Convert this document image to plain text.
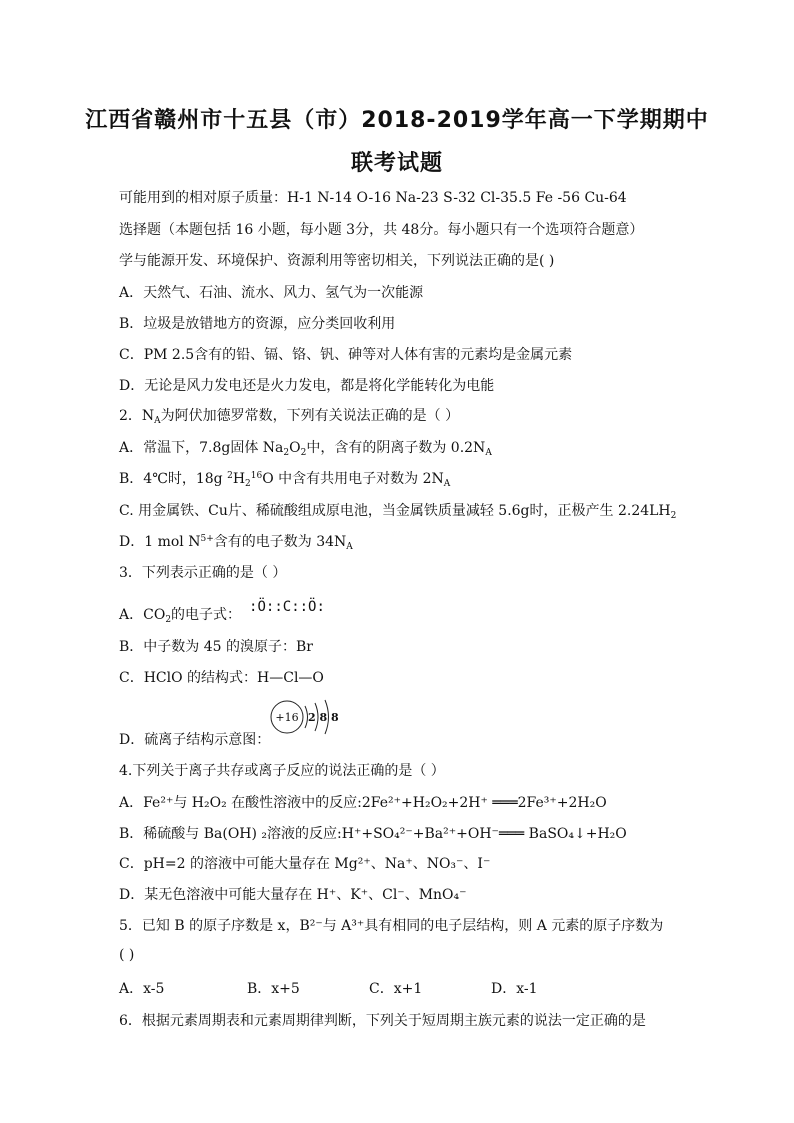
江西省赣州市十五县（市）2018-2019学年高一下学期期中
联考试题
可能用到的相对原子质量：H-1 N-14 O-16 Na-23 S-32 Cl-35.5 Fe -56 Cu-64
选择题（本题包括 16 小题，每小题 3分，共 48分。每小题只有一个选项符合题意）
学与能源开发、环境保护、资源利用等密切相关，下列说法正确的是( )
A．天然气、石油、流水、风力、氢气为一次能源
B．垃圾是放错地方的资源，应分类回收利用
C．PM 2.5含有的铅、镉、铬、钒、砷等对人体有害的元素均是金属元素
D．无论是风力发电还是火力发电，都是将化学能转化为电能
2．$N_A$为阿伏加德罗常数，下列有关说法正确的是（ ）
A．常温下，7.8g固体 $Na_2O_2$中，含有的阴离子数为 $0.2N_A$
B．4℃时，18g $^2H_2^{16}O$ 中含有共用电子对数为 $2N_A$
C. 用金属铁、Cu片、稀硫酸组成原电池，当金属铁质量减轻 5.6g时，正极产生 $2.24LH_2$
D．1 mol $N^{5+}$含有的电子数为 $34N_A$
3．下列表示正确的是（ ）
A．$CO_2$的电子式： :Ö::C::Ö:
B．中子数为 45 的溴原子：Br
C．HClO 的结构式：H—Cl—O
+16 2 8 8
D．硫离子结构示意图：
4.下列关于离子共存或离子反应的说法正确的是（ ）
A．Fe²⁺与 H₂O₂ 在酸性溶液中的反应:2Fe²⁺+H₂O₂+2H⁺ ═══2Fe³⁺+2H₂O
B．稀硫酸与 Ba(OH) ₂溶液的反应:H⁺+SO₄²⁻+Ba²⁺+OH⁻═══ BaSO₄↓+H₂O
C．pH=2 的溶液中可能大量存在 Mg²⁺、Na⁺、NO₃⁻、I⁻
D．某无色溶液中可能大量存在 H⁺、K⁺、Cl⁻、MnO₄⁻
5．已知 B 的原子序数是 x，B²⁻与 A³⁺具有相同的电子层结构，则 A 元素的原子序数为
( )
A．x-5	B．x+5	C．x+1	D．x-1
6．根据元素周期表和元素周期律判断，下列关于短周期主族元素的说法一定正确的是
